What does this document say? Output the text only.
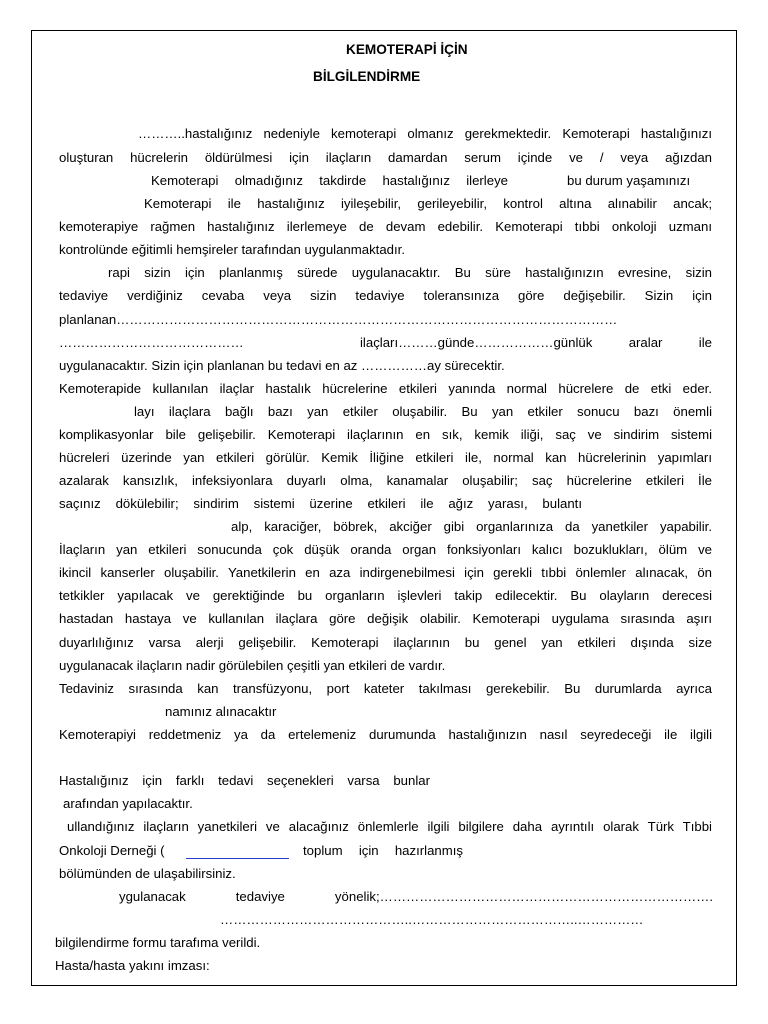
KEMOTERAPİ İÇİN
BİLGİLENDİRME
………..hastalığınız nedeniyle kemoterapi olmanız gerekmektedir. Kemoterapi hastalığınızı
oluşturan hücrelerin öldürülmesi için ilaçların damardan serum içinde ve / veya ağızdan
Kemoterapi olmadığınız takdirde hastalığınız ilerleye	bu durum yaşamınızı
Kemoterapi ile hastalığınız iyileşebilir, gerileyebilir, kontrol altına alınabilir ancak;
kemoterapiye rağmen hastalığınız ilerlemeye de devam edebilir. Kemoterapi tıbbi onkoloji uzmanı
kontrolünde eğitimli hemşireler tarafından uygulanmaktadır.
rapi sizin için planlanmış sürede uygulanacaktır. Bu süre hastalığınızın evresine, sizin
tedaviye verdiğiniz cevaba veya sizin tedaviye toleransınıza göre değişebilir. Sizin için
planlanan……………………………………………………………………………………………………
……………………………………	ilaçları………günde………………günlük aralar ile
uygulanacaktır. Sizin için planlanan bu tedavi en az ……………ay sürecektir.
Kemoterapide kullanılan ilaçlar hastalık hücrelerine etkileri yanında normal hücrelere de etki eder.
layı ilaçlara bağlı bazı yan etkiler oluşabilir. Bu yan etkiler sonucu bazı önemli
komplikasyonlar bile gelişebilir. Kemoterapi ilaçlarının en sık, kemik iliği, saç ve sindirim sistemi
hücreleri üzerinde yan etkileri görülür. Kemik İliğine etkileri ile, normal kan hücrelerinin yapımları
azalarak kansızlık, infeksiyonlara duyarlı olma, kanamalar oluşabilir; saç hücrelerine etkileri İle
saçınız dökülebilir; sindirim sistemi üzerine etkileri ile ağız yarası, bulantı
alp, karaciğer, böbrek, akciğer gibi organlarınıza da yanetkiler yapabilir.
İlaçların yan etkileri sonucunda çok düşük oranda organ fonksiyonları kalıcı bozuklukları, ölüm ve
ikincil kanserler oluşabilir. Yanetkilerin en aza indirgenebilmesi için gerekli tıbbi önlemler alınacak, ön
tetkikler yapılacak ve gerektiğinde bu organların işlevleri takip edilecektir. Bu olayların derecesi
hastadan hastaya ve kullanılan ilaçlara göre değişik olabilir. Kemoterapi uygulama sırasında aşırı
duyarlılığınız varsa alerji gelişebilir. Kemoterapi ilaçlarının bu genel yan etkileri dışında size
uygulanacak ilaçların nadir görülebilen çeşitli yan etkileri de vardır.
Tedaviniz sırasında kan transfüzyonu, port kateter takılması gerekebilir. Bu durumlarda ayrıca
namınız alınacaktır
Kemoterapiyi reddetmeniz ya da ertelemeniz durumunda hastalığınızın nasıl seyredeceği ile ilgili
Hastalığınız için farklı tedavi seçenekleri varsa bunlar
arafından yapılacaktır.
ullandığınız ilaçların yanetkileri ve alacağınız önlemlerle ilgili bilgilere daha ayrıntılı olarak Türk Tıbbi
Onkoloji Derneği (	toplum için hazırlanmış
bölümünden de ulaşabilirsiniz.
ygulanacak tedaviye yönelik;………………………………………………………………….
……………………………………..………………………………..……………
bilgilendirme formu tarafıma verildi.
Hasta/hasta yakını imzası:
